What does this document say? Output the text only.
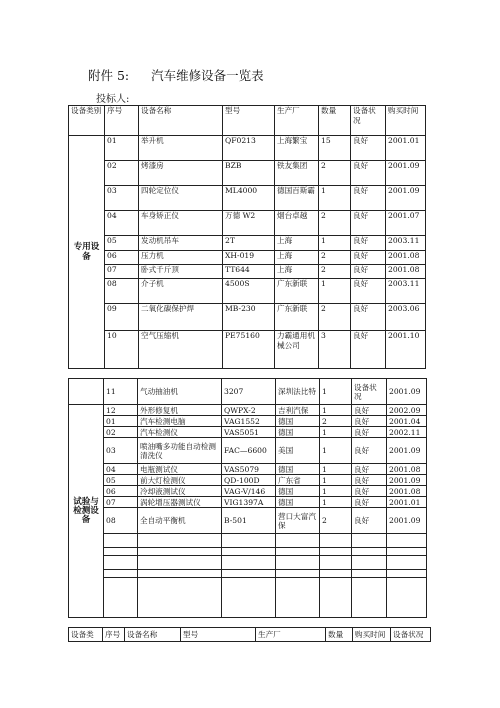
附件 5: 汽车维修设备一览表
投标人:
设备类别	序号	设备名称	型号	生产厂	数量	设备状况	购买时间
专用设备	01	举升机	QF0213	上海繁宝	15	良好	2001.01
	02	烤漆房	BZB	铁友集团	2	良好	2001.09
	03	四轮定位仪	ML4000	德国百斯霸	1	良好	2001.09
	04	车身矫正仪	万德 W2	烟台卓越	2	良好	2001.07
	05	发动机吊车	2T	上海	1	良好	2003.11
	06	压力机	XH-019	上海	2	良好	2001.08
	07	卧式千斤顶	TT644	上海	2	良好	2001.08
	08	介子机	4500S	广东新联	1	良好	2003.11
	09	二氧化碳保护焊	MB-230	广东新联	2	良好	2003.06
	10	空气压缩机	PE75160	力霸通用机械公司	3	良好	2001.10
	11	气动抽油机	3207	深圳法比特	1	设备状况	2001.09
试验与检测设备	12	外形修复机	QWPX-2	吉利汽保	1	良好	2002.09
	01	汽车检测电脑	VAG1552	德国	2	良好	2001.04
	02	汽车检测仪	VAS5051	德国	1	良好	2002.11
	03	喷油嘴多功能自动检测清洗仪	FAC—6600	美国	1	良好	2001.09
	04	电瓶测试仪	VAS5079	德国	1	良好	2001.08
	05	前大灯检测仪	QD-100D	广东省	1	良好	2001.09
	06	冷却液测试仪	VAG-V/146	德国	1	良好	2001.08
	07	涡轮增压器测试仪	VIG1397A	德国	1	良好	2001.01
	08	全自动平衡机	B-501	营口大富汽保	2	良好	2001.09

设备类	序号	设备名称	型号	生产厂	数量	购买时间	设备状况
